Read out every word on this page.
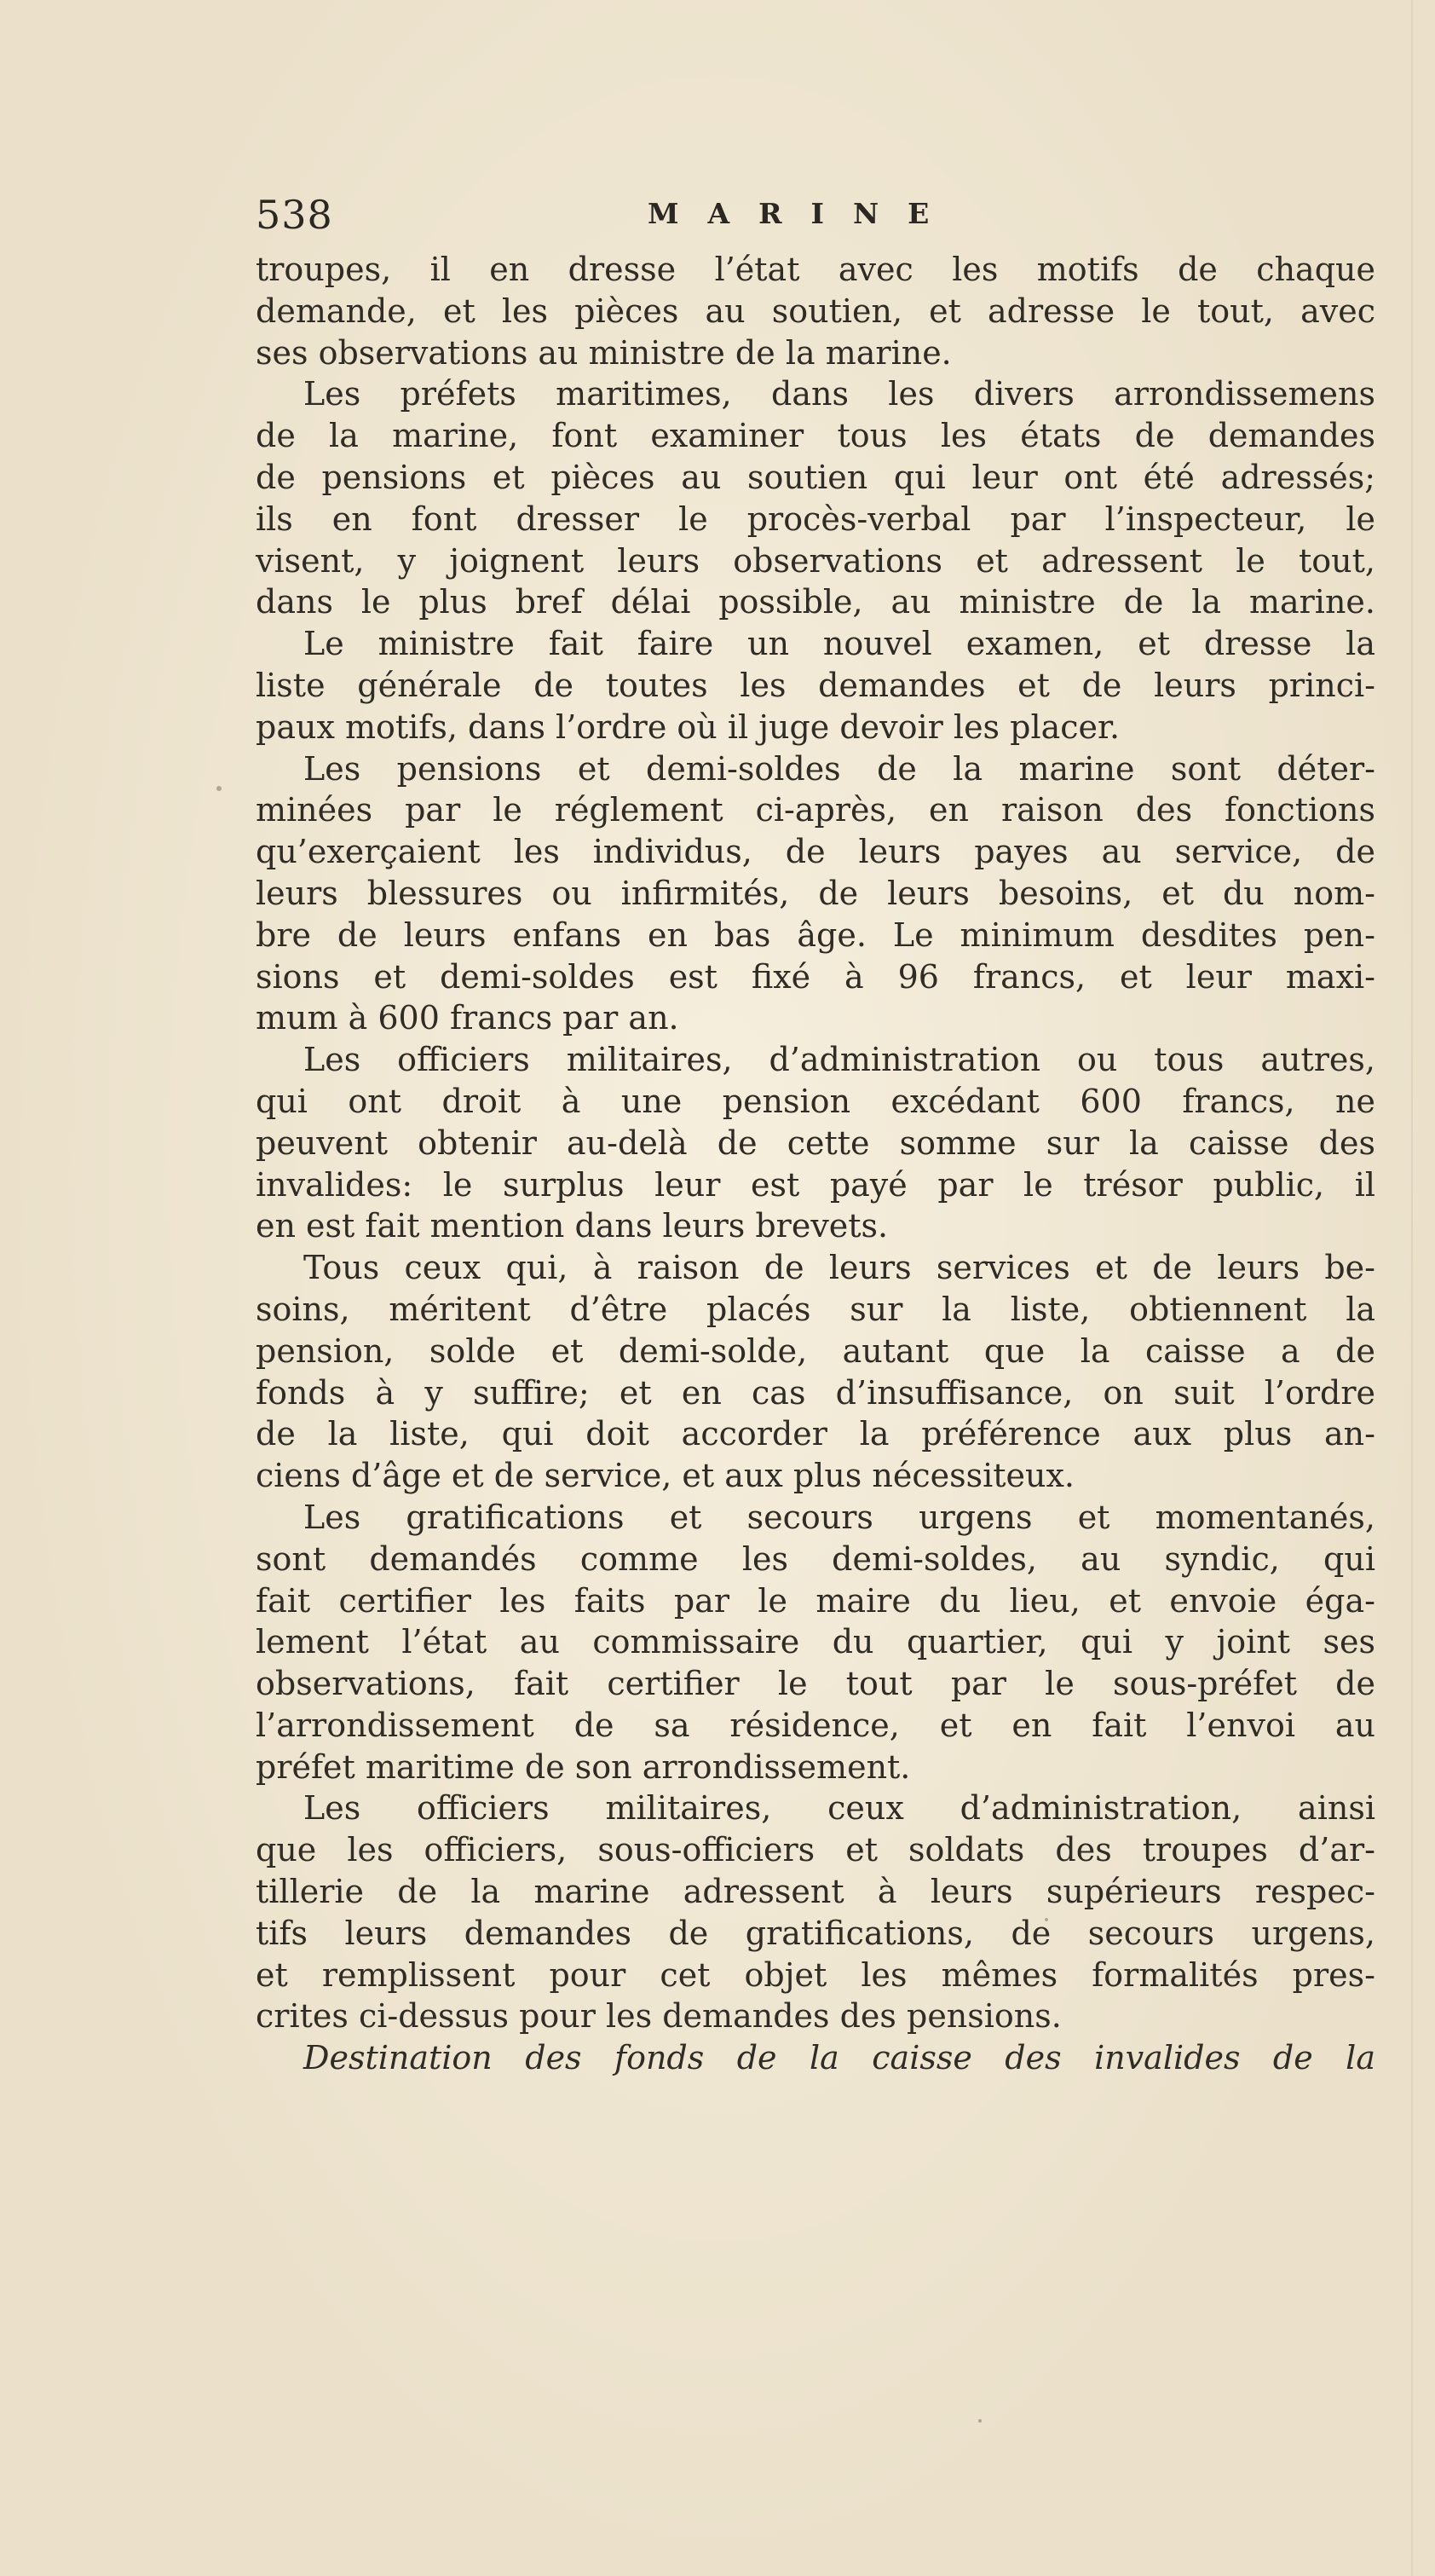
538	MARINE
troupes, il en dresse l’état avec les motifs de chaque
demande, et les pièces au soutien, et adresse le tout, avec
ses observations au ministre de la marine.
Les préfets maritimes, dans les divers arrondissemens
de la marine, font examiner tous les états de demandes
de pensions et pièces au soutien qui leur ont été adressés;
ils en font dresser le procès-verbal par l’inspecteur, le
visent, y joignent leurs observations et adressent le tout,
dans le plus bref délai possible, au ministre de la marine.
Le ministre fait faire un nouvel examen, et dresse la
liste générale de toutes les demandes et de leurs princi-
paux motifs, dans l’ordre où il juge devoir les placer.
Les pensions et demi-soldes de la marine sont déter-
minées par le réglement ci-après, en raison des fonctions
qu’exerçaient les individus, de leurs payes au service, de
leurs blessures ou infirmités, de leurs besoins, et du nom-
bre de leurs enfans en bas âge. Le minimum desdites pen-
sions et demi-soldes est fixé à 96 francs, et leur maxi-
mum à 600 francs par an.
Les officiers militaires, d’administration ou tous autres,
qui ont droit à une pension excédant 600 francs, ne
peuvent obtenir au-delà de cette somme sur la caisse des
invalides: le surplus leur est payé par le trésor public, il
en est fait mention dans leurs brevets.
Tous ceux qui, à raison de leurs services et de leurs be-
soins, méritent d’être placés sur la liste, obtiennent la
pension, solde et demi-solde, autant que la caisse a de
fonds à y suffire; et en cas d’insuffisance, on suit l’ordre
de la liste, qui doit accorder la préférence aux plus an-
ciens d’âge et de service, et aux plus nécessiteux.
Les gratifications et secours urgens et momentanés,
sont demandés comme les demi-soldes, au syndic, qui
fait certifier les faits par le maire du lieu, et envoie éga-
lement l’état au commissaire du quartier, qui y joint ses
observations, fait certifier le tout par le sous-préfet de
l’arrondissement de sa résidence, et en fait l’envoi au
préfet maritime de son arrondissement.
Les officiers militaires, ceux d’administration, ainsi
que les officiers, sous-officiers et soldats des troupes d’ar-
tillerie de la marine adressent à leurs supérieurs respec-
tifs leurs demandes de gratifications, de secours urgens,
et remplissent pour cet objet les mêmes formalités pres-
crites ci-dessus pour les demandes des pensions.
Destination des fonds de la caisse des invalides de la
